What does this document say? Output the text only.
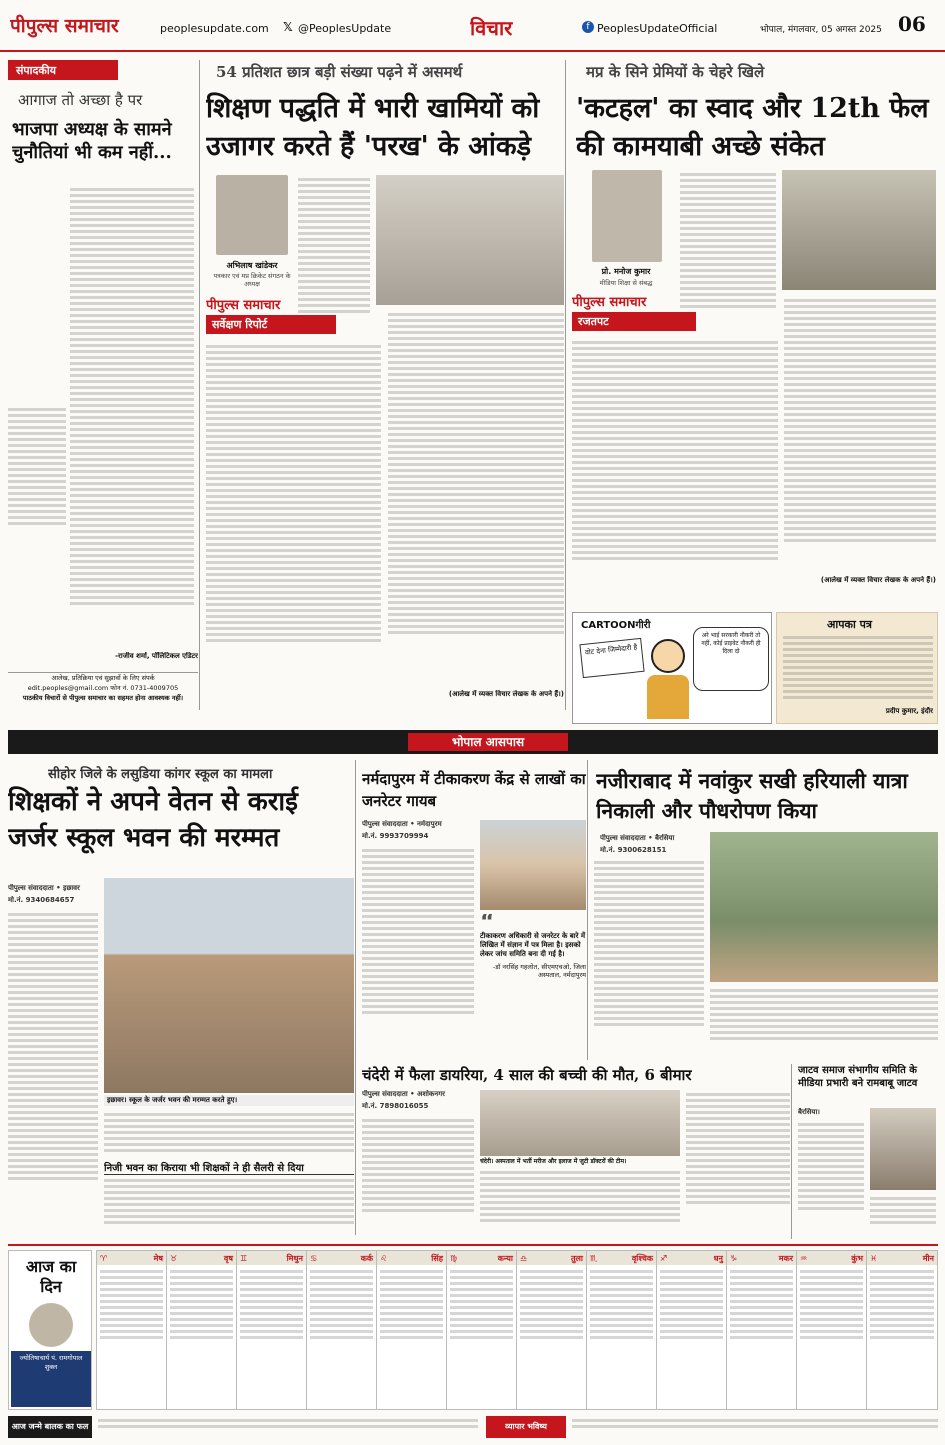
पीपुल्स समाचार	peoplesupdate.com	𝕏 @PeoplesUpdate	विचार	f PeoplesUpdateOfficial	भोपाल, मंगलवार, 05 अगस्त 2025 06
संपादकीय
आगाज तो अच्छा है पर
भाजपा अध्यक्ष के सामने चुनौतियां भी कम नहीं...
-राजीव शर्मा, पॉलिटिकल एडिटर
आलेख, प्रतिक्रिया एवं सुझावों के लिए संपर्क
edit.peoples@gmail.com फोन नं. 0731-4009705
पाठकीय विचारों से पीपुल्स समाचार का सहमत होना आवश्यक नहीं।
54 प्रतिशत छात्र बड़ी संख्या पढ़ने में असमर्थ
शिक्षण पद्धति में भारी खामियों को उजागर करते हैं 'परख' के आंकड़े
अभिलाष खांडेकर
पत्रकार एवं मप्र क्रिकेट संगठन के अध्यक्ष
पीपुल्स समाचार
सर्वेक्षण रिपोर्ट
(आलेख में व्यक्त विचार लेखक के अपने हैं।)
मप्र के सिने प्रेमियों के चेहरे खिले
'कटहल' का स्वाद और 12th फेल की कामयाबी अच्छे संकेत
प्रो. मनोज कुमार
मीडिया शिक्षा से संबद्ध
पीपुल्स समाचार
रजतपट
(आलेख में व्यक्त विचार लेखक के अपने हैं।)
CARTOONगीरी
वोट देना जिम्मेदारी है
अरे भाई सरकारी नौकरी तो नहीं, कोई प्राइवेट नौकरी ही दिला दो
आपका पत्र
प्रदीप कुमार, इंदौर
भोपाल आसपास
सीहोर जिले के लसुडिया कांगर स्कूल का मामला
शिक्षकों ने अपने वेतन से कराई जर्जर स्कूल भवन की मरम्मत
पीपुल्स संवाददाता • इछावर
मो.नं. 9340684657
इछावर। स्कूल के जर्जर भवन की मरम्मत करते हुए।
निजी भवन का किराया भी शिक्षकों ने ही सैलरी से दिया
नर्मदापुरम में टीकाकरण केंद्र से लाखों का जनरेटर गायब
पीपुल्स संवाददाता • नर्मदापुरम
मो.नं. 9993709994
“
टीकाकरण अधिकारी से जनरेटर के बारे में लिखित में संज्ञान में पत्र मिला है। इसको लेकर जांच समिति बना दी गई है।
-डॉ नरसिंह गहलोत, सीएमएचओ, जिला अस्पताल, नर्मदापुरम
नजीराबाद में नवांकुर सखी हरियाली यात्रा निकाली और पौधरोपण किया
पीपुल्स संवाददाता • बैरसिया
मो.नं. 9300628151
चंदेरी में फैला डायरिया, 4 साल की बच्ची की मौत, 6 बीमार
पीपुल्स संवाददाता • अशोकनगर
मो.नं. 7898016055
चंदेरी। अस्पताल में भर्ती मरीज और इलाज में जुटी डॉक्टरों की टीम।
जाटव समाज संभागीय समिति के मीडिया प्रभारी बने रामबाबू जाटव
बैरसिया।
आज का दिन
ज्योतिषाचार्य पं. रामगोपाल शुक्ल
♈	मेष ♉	वृष ♊	मिथुन ♋	कर्क ♌	सिंह ♍	कन्या ♎	तुला ♏	वृश्चिक ♐	धनु ♑	मकर ♒	कुंभ ♓	मीन
आज जन्मे बालक का फल	व्यापार भविष्य
